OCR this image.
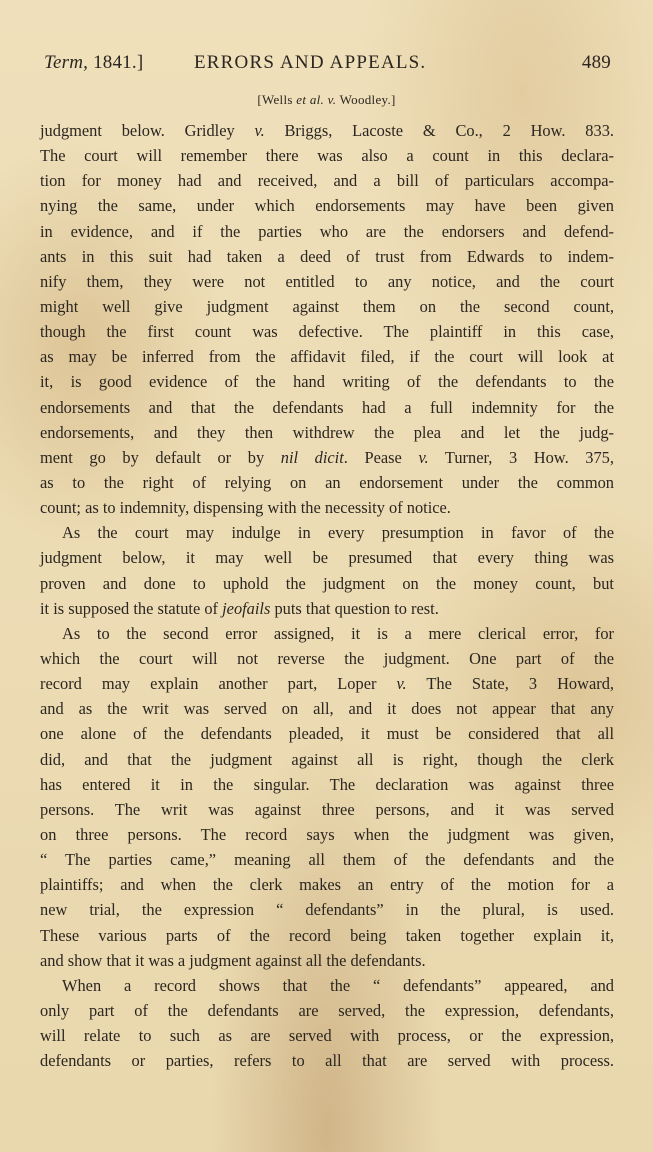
Term, 1841.]	ERRORS AND APPEALS.	489
[Wells et al. v. Woodley.]
judgment below. Gridley v. Briggs, Lacoste & Co., 2 How. 833.
The court will remember there was also a count in this declara-
tion for money had and received, and a bill of particulars accompa-
nying the same, under which endorsements may have been given
in evidence, and if the parties who are the endorsers and defend-
ants in this suit had taken a deed of trust from Edwards to indem-
nify them, they were not entitled to any notice, and the court
might well give judgment against them on the second count,
though the first count was defective. The plaintiff in this case,
as may be inferred from the affidavit filed, if the court will look at
it, is good evidence of the hand writing of the defendants to the
endorsements and that the defendants had a full indemnity for the
endorsements, and they then withdrew the plea and let the judg-
ment go by default or by nil dicit. Pease v. Turner, 3 How. 375,
as to the right of relying on an endorsement under the common
count; as to indemnity, dispensing with the necessity of notice.
As the court may indulge in every presumption in favor of the
judgment below, it may well be presumed that every thing was
proven and done to uphold the judgment on the money count, but
it is supposed the statute of jeofails puts that question to rest.
As to the second error assigned, it is a mere clerical error, for
which the court will not reverse the judgment. One part of the
record may explain another part, Loper v. The State, 3 Howard,
and as the writ was served on all, and it does not appear that any
one alone of the defendants pleaded, it must be considered that all
did, and that the judgment against all is right, though the clerk
has entered it in the singular. The declaration was against three
persons. The writ was against three persons, and it was served
on three persons. The record says when the judgment was given,
“ The parties came,” meaning all them of the defendants and the
plaintiffs; and when the clerk makes an entry of the motion for a
new trial, the expression “ defendants” in the plural, is used.
These various parts of the record being taken together explain it,
and show that it was a judgment against all the defendants.
When a record shows that the “ defendants” appeared, and
only part of the defendants are served, the expression, defendants,
will relate to such as are served with process, or the expression,
defendants or parties, refers to all that are served with process.
